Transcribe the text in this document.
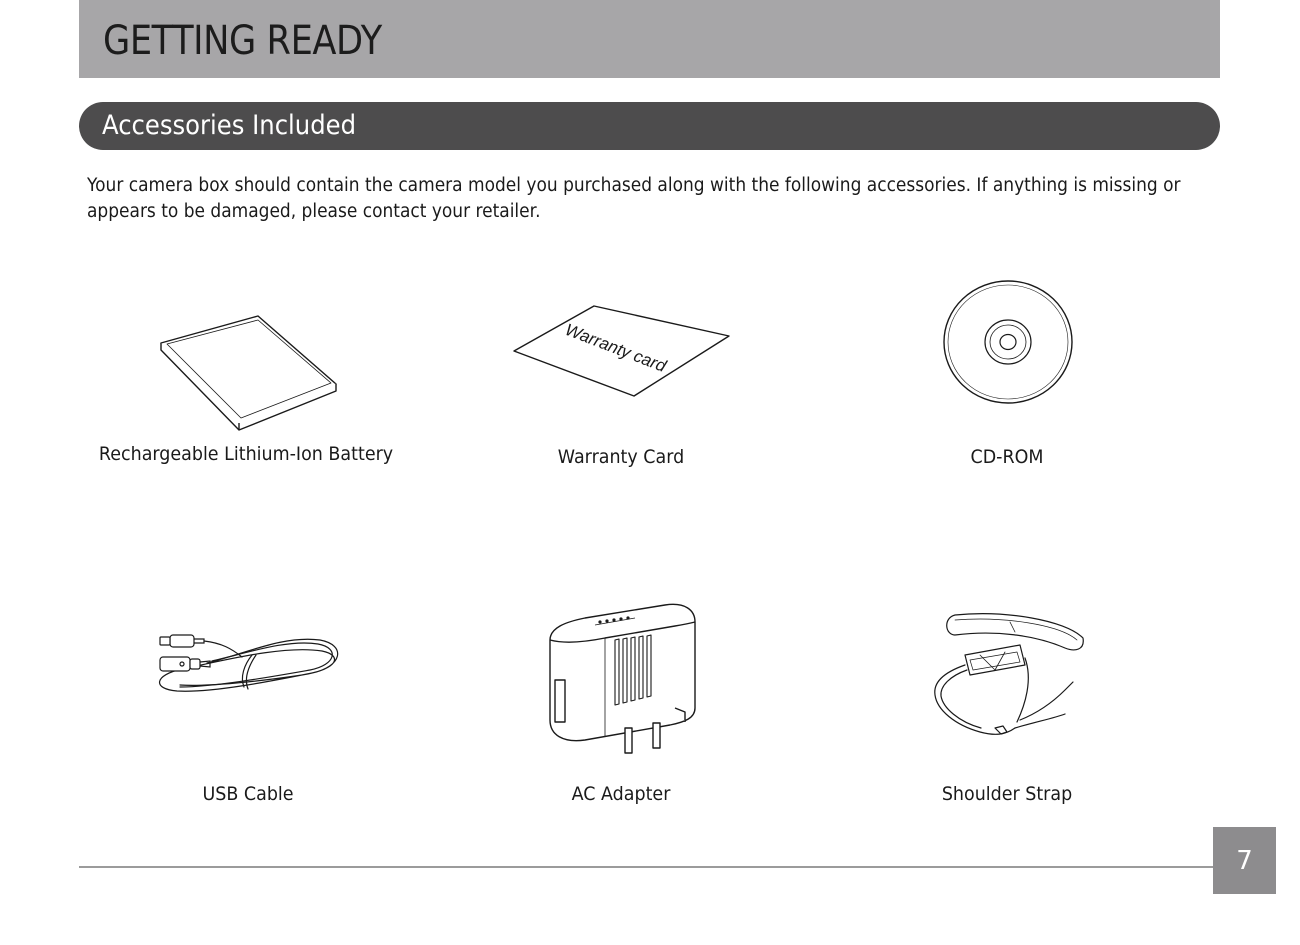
GETTING READY
Accessories Included

Your camera box should contain the camera model you purchased along with the following accessories. If anything is missing or appears to be damaged, please contact your retailer.

Rechargeable Lithium-Ion Battery
Warranty card
Warranty Card	CD-ROM
USB Cable	AC Adapter	Shoulder Strap
7
